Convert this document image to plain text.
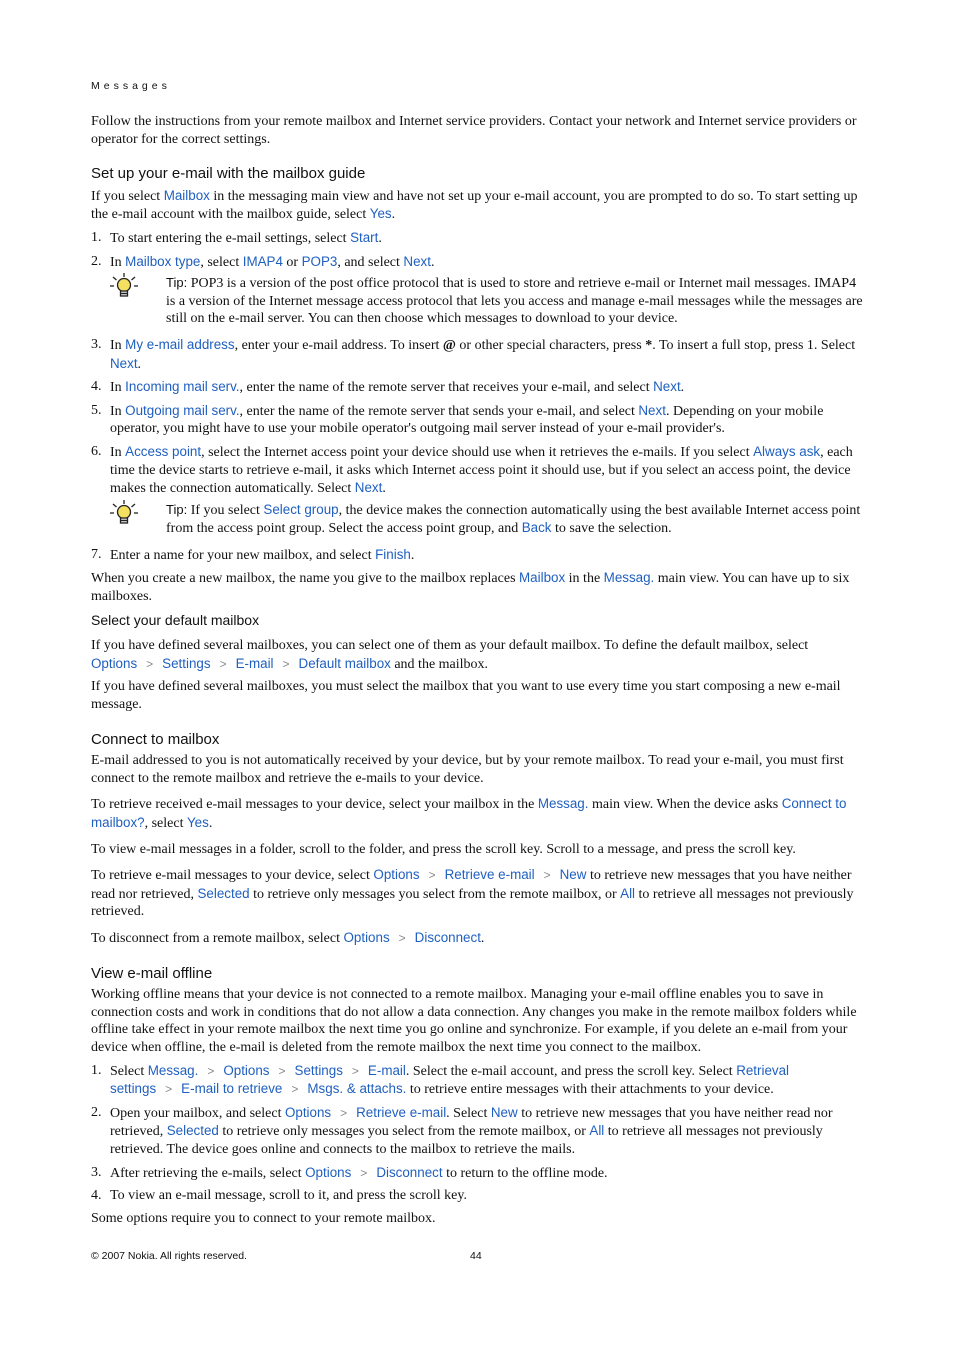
Messages

Follow the instructions from your remote mailbox and Internet service providers. Contact your network and Internet service providers or operator for the correct settings.

Set up your e-mail with the mailbox guide

If you select Mailbox in the messaging main view and have not set up your e-mail account, you are prompted to do so. To start setting up the e-mail account with the mailbox guide, select Yes.

1. To start entering the e-mail settings, select Start.
2. In Mailbox type, select IMAP4 or POP3, and select Next.
Tip: POP3 is a version of the post office protocol that is used to store and retrieve e-mail or Internet mail messages. IMAP4 is a version of the Internet message access protocol that lets you access and manage e-mail messages while the messages are still on the e-mail server. You can then choose which messages to download to your device.
3. In My e-mail address, enter your e-mail address. To insert @ or other special characters, press *. To insert a full stop, press 1. Select Next.
4. In Incoming mail serv., enter the name of the remote server that receives your e-mail, and select Next.
5. In Outgoing mail serv., enter the name of the remote server that sends your e-mail, and select Next. Depending on your mobile operator, you might have to use your mobile operator's outgoing mail server instead of your e-mail provider's.
6. In Access point, select the Internet access point your device should use when it retrieves the e-mails. If you select Always ask, each time the device starts to retrieve e-mail, it asks which Internet access point it should use, but if you select an access point, the device makes the connection automatically. Select Next.
Tip: If you select Select group, the device makes the connection automatically using the best available Internet access point from the access point group. Select the access point group, and Back to save the selection.
7. Enter a name for your new mailbox, and select Finish.

When you create a new mailbox, the name you give to the mailbox replaces Mailbox in the Messag. main view. You can have up to six mailboxes.

Select your default mailbox

If you have defined several mailboxes, you can select one of them as your default mailbox. To define the default mailbox, select Options > Settings > E-mail > Default mailbox and the mailbox.

If you have defined several mailboxes, you must select the mailbox that you want to use every time you start composing a new e-mail message.

Connect to mailbox

E-mail addressed to you is not automatically received by your device, but by your remote mailbox. To read your e-mail, you must first connect to the remote mailbox and retrieve the e-mails to your device.

To retrieve received e-mail messages to your device, select your mailbox in the Messag. main view. When the device asks Connect to mailbox?, select Yes.

To view e-mail messages in a folder, scroll to the folder, and press the scroll key. Scroll to a message, and press the scroll key.

To retrieve e-mail messages to your device, select Options > Retrieve e-mail > New to retrieve new messages that you have neither read nor retrieved, Selected to retrieve only messages you select from the remote mailbox, or All to retrieve all messages not previously retrieved.

To disconnect from a remote mailbox, select Options > Disconnect.

View e-mail offline

Working offline means that your device is not connected to a remote mailbox. Managing your e-mail offline enables you to save in connection costs and work in conditions that do not allow a data connection. Any changes you make in the remote mailbox folders while offline take effect in your remote mailbox the next time you go online and synchronize. For example, if you delete an e-mail from your device when offline, the e-mail is deleted from the remote mailbox the next time you connect to the mailbox.

1. Select Messag. > Options > Settings > E-mail. Select the e-mail account, and press the scroll key. Select Retrieval settings > E-mail to retrieve > Msgs. & attachs. to retrieve entire messages with their attachments to your device.
2. Open your mailbox, and select Options > Retrieve e-mail. Select New to retrieve new messages that you have neither read nor retrieved, Selected to retrieve only messages you select from the remote mailbox, or All to retrieve all messages not previously retrieved. The device goes online and connects to the mailbox to retrieve the mails.
3. After retrieving the e-mails, select Options > Disconnect to return to the offline mode.
4. To view an e-mail message, scroll to it, and press the scroll key.

Some options require you to connect to your remote mailbox.

© 2007 Nokia. All rights reserved.	44
